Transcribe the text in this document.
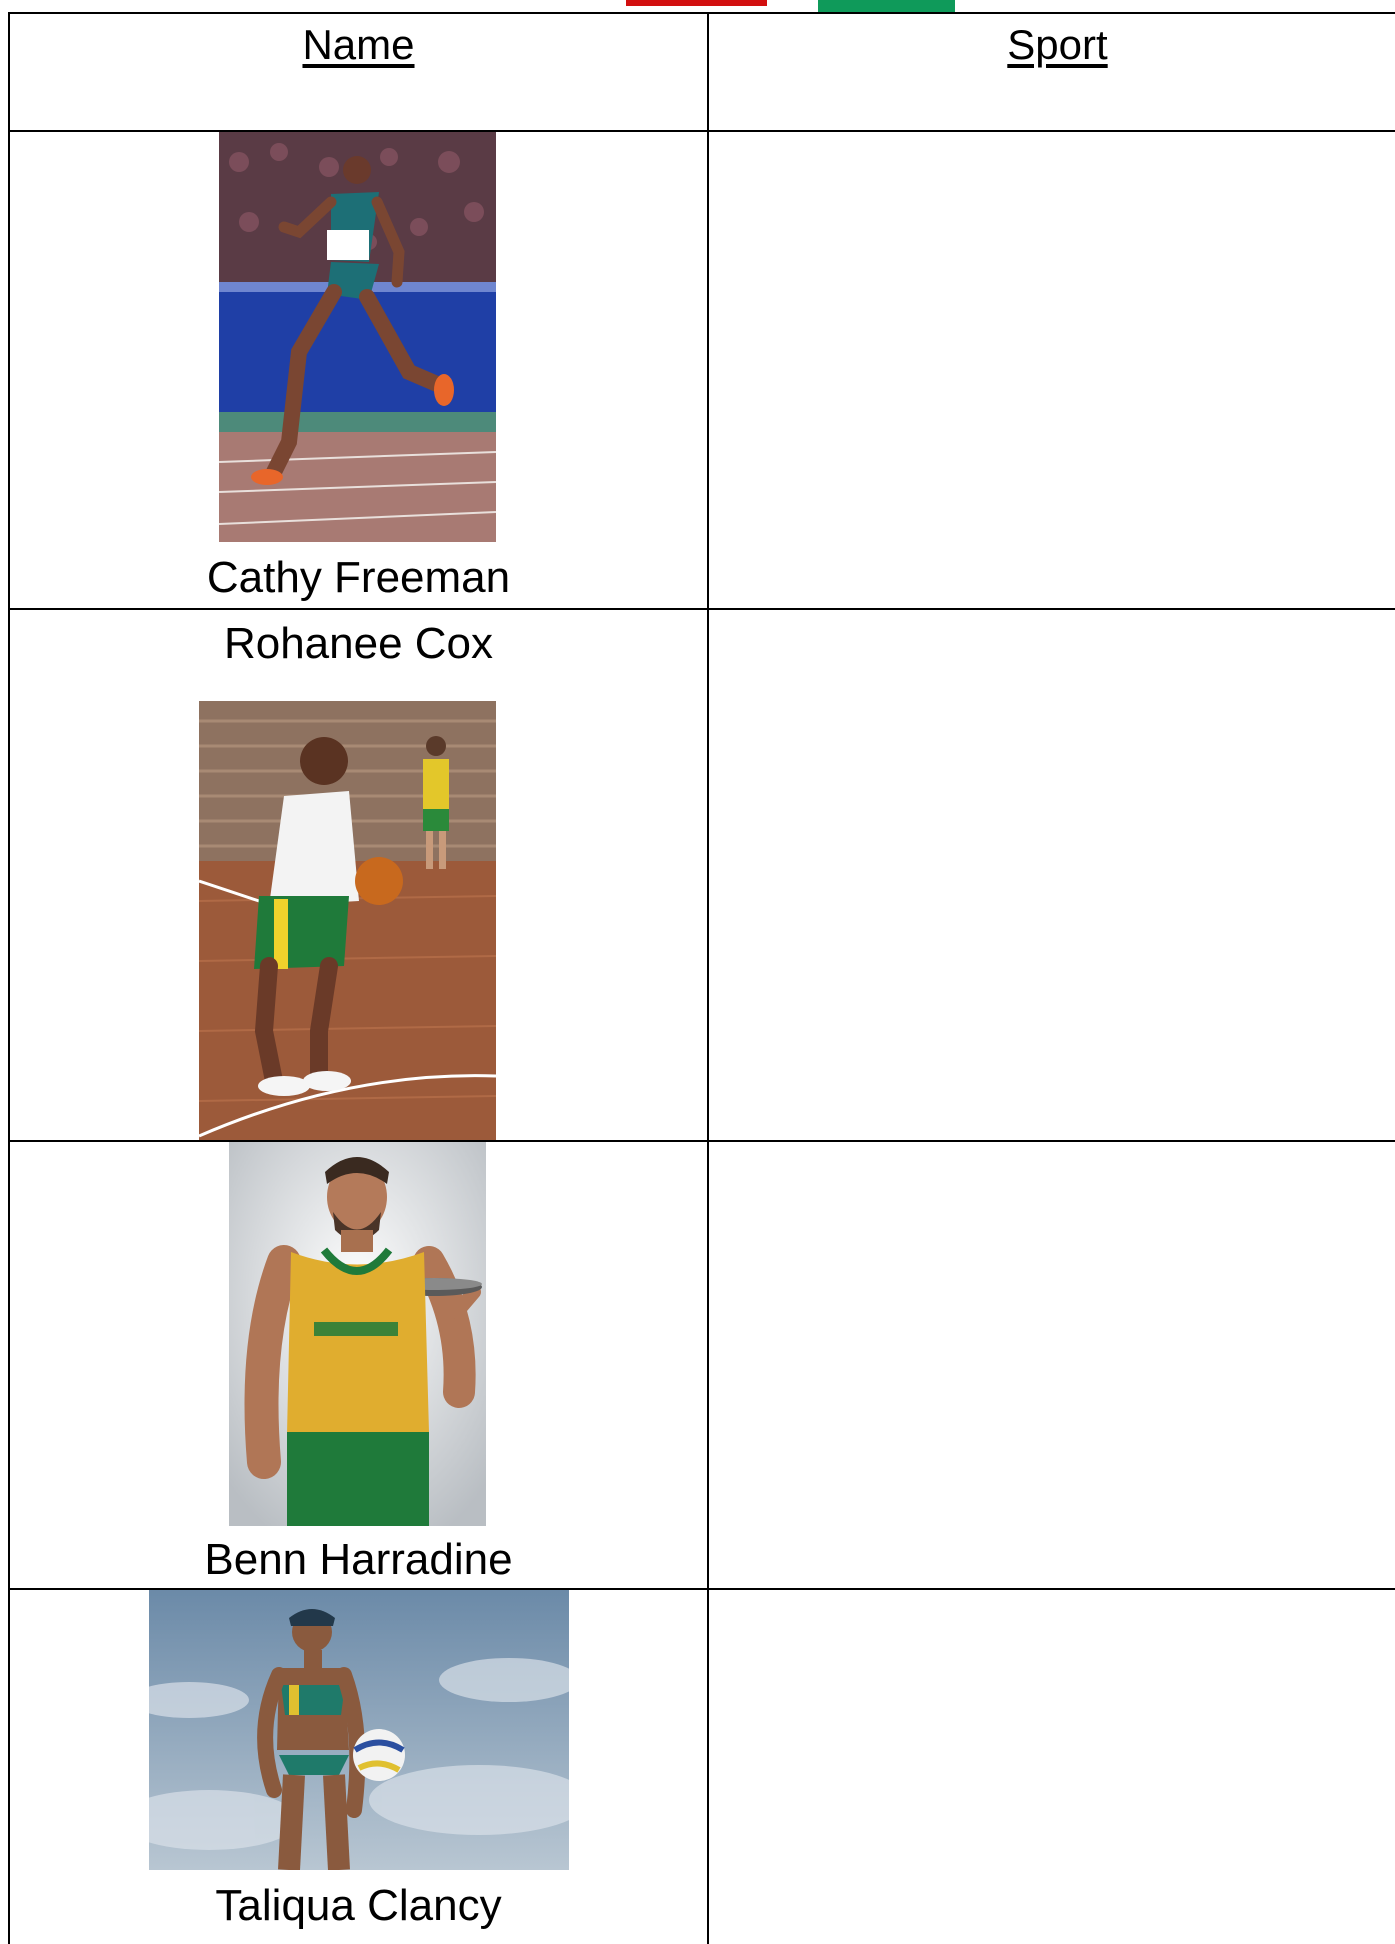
Name	Sport
Cathy Freeman
Rohanee Cox
Benn Harradine
Taliqua Clancy
